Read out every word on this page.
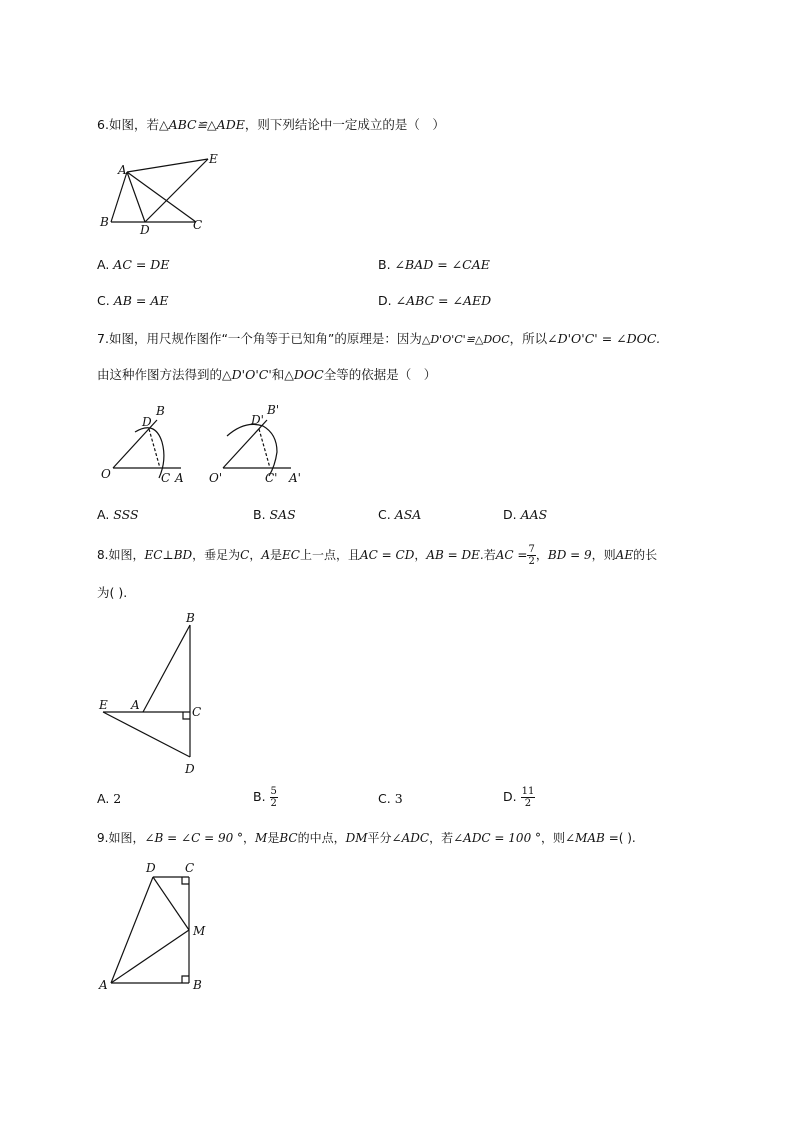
6.如图，若△ABC≌△ADE，则下列结论中一定成立的是（　）
A
E
B
D	C
A. AC = DE	B. ∠BAD = ∠CAE
C. AB = AE	D. ∠ABC = ∠AED
7.如图，用尺规作图作“一个角等于已知角”的原理是：因为△D'O'C'≌△DOC，所以∠D'O'C' = ∠DOC.
由这种作图方法得到的△D'O'C'和△DOC全等的依据是（　）
D
B
O	C A
D'
B'
O'	C' A'
A. SSS	B. SAS	C. ASA	D. AAS
8.如图，EC⊥BD，垂足为C，A是EC上一点，且AC = CD，AB = DE.若AC = $\frac{7}{2}$ ，BD = 9，则AE的长
为( ).
B
E A	C
D
A. 2	B. $\frac{5}{2}$	C. 3	D. $\frac{11}{2}$
9.如图，∠B = ∠C = 90 °，M是BC的中点，DM平分∠ADC，若∠ADC = 100 °，则∠MAB =( ).
D C
M
A	B
